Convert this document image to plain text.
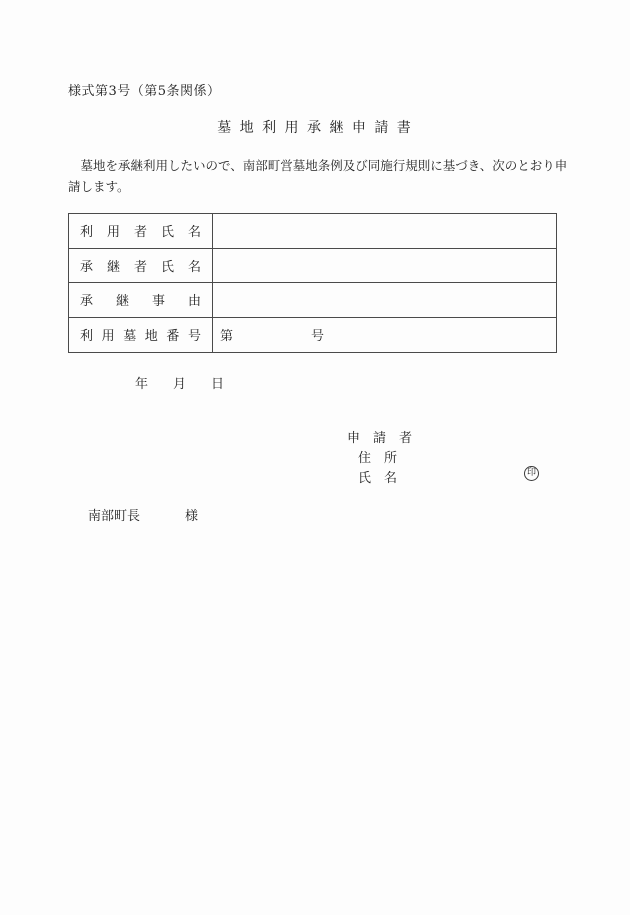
様式第3号（第5条関係）
墓 地 利 用 承 継 申 請 書
　墓地を承継利用したいので、南部町営墓地条例及び同施行規則に基づき、次のとおり申
請します。
利 用 者 氏 名
承 継 者 氏 名
承 継 事 由
利 用 墓 地 番 号 第	号
年　月　日
申　請　者
住　所
氏　名	印
南部町長	様
